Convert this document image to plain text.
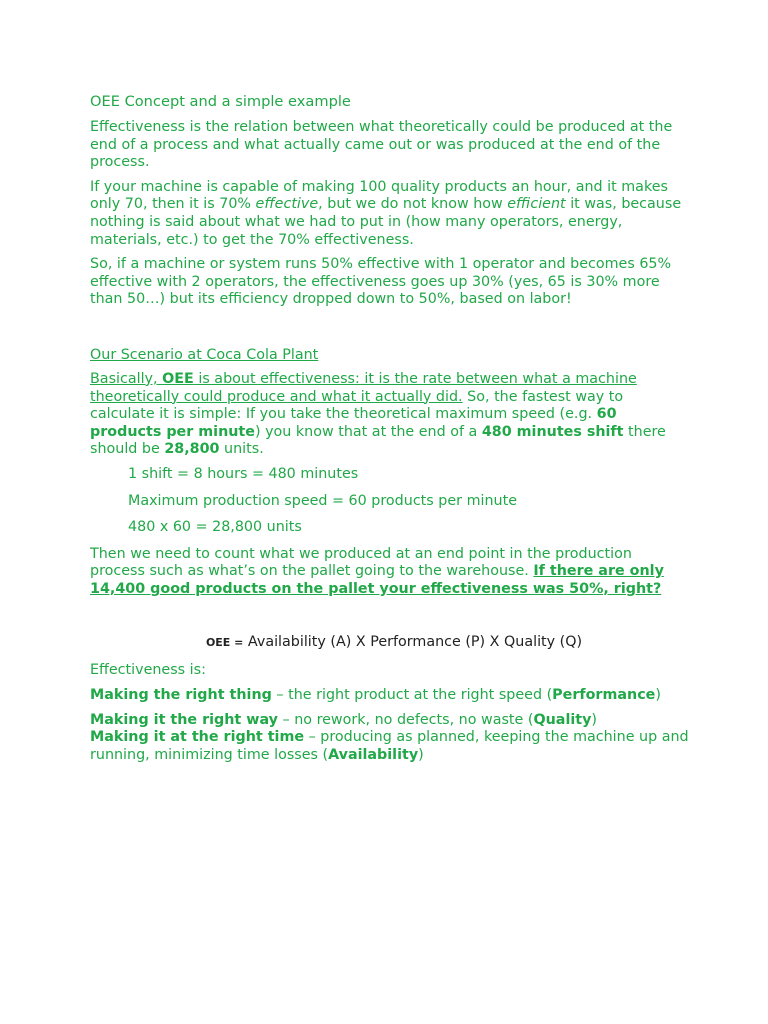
OEE Concept and a simple example

Effectiveness is the relation between what theoretically could be produced at the end of a process and what actually came out or was produced at the end of the process.

If your machine is capable of making 100 quality products an hour, and it makes only 70, then it is 70% effective, but we do not know how efficient it was, because nothing is said about what we had to put in (how many operators, energy, materials, etc.) to get the 70% effectiveness.

So, if a machine or system runs 50% effective with 1 operator and becomes 65% effective with 2 operators, the effectiveness goes up 30% (yes, 65 is 30% more than 50…) but its efficiency dropped down to 50%, based on labor!

Our Scenario at Coca Cola Plant

Basically, OEE is about effectiveness: it is the rate between what a machine theoretically could produce and what it actually did. So, the fastest way to calculate it is simple: If you take the theoretical maximum speed (e.g. 60 products per minute) you know that at the end of a 480 minutes shift there should be 28,800 units.

1 shift = 8 hours = 480 minutes

Maximum production speed = 60 products per minute

480 x 60 = 28,800 units

Then we need to count what we produced at an end point in the production process such as what’s on the pallet going to the warehouse. If there are only 14,400 good products on the pallet your effectiveness was 50%, right?

OEE = Availability (A) X Performance (P) X Quality (Q)

Effectiveness is:

Making the right thing – the right product at the right speed (Performance)

Making it the right way – no rework, no defects, no waste (Quality)

Making it at the right time – producing as planned, keeping the machine up and running, minimizing time losses (Availability)
